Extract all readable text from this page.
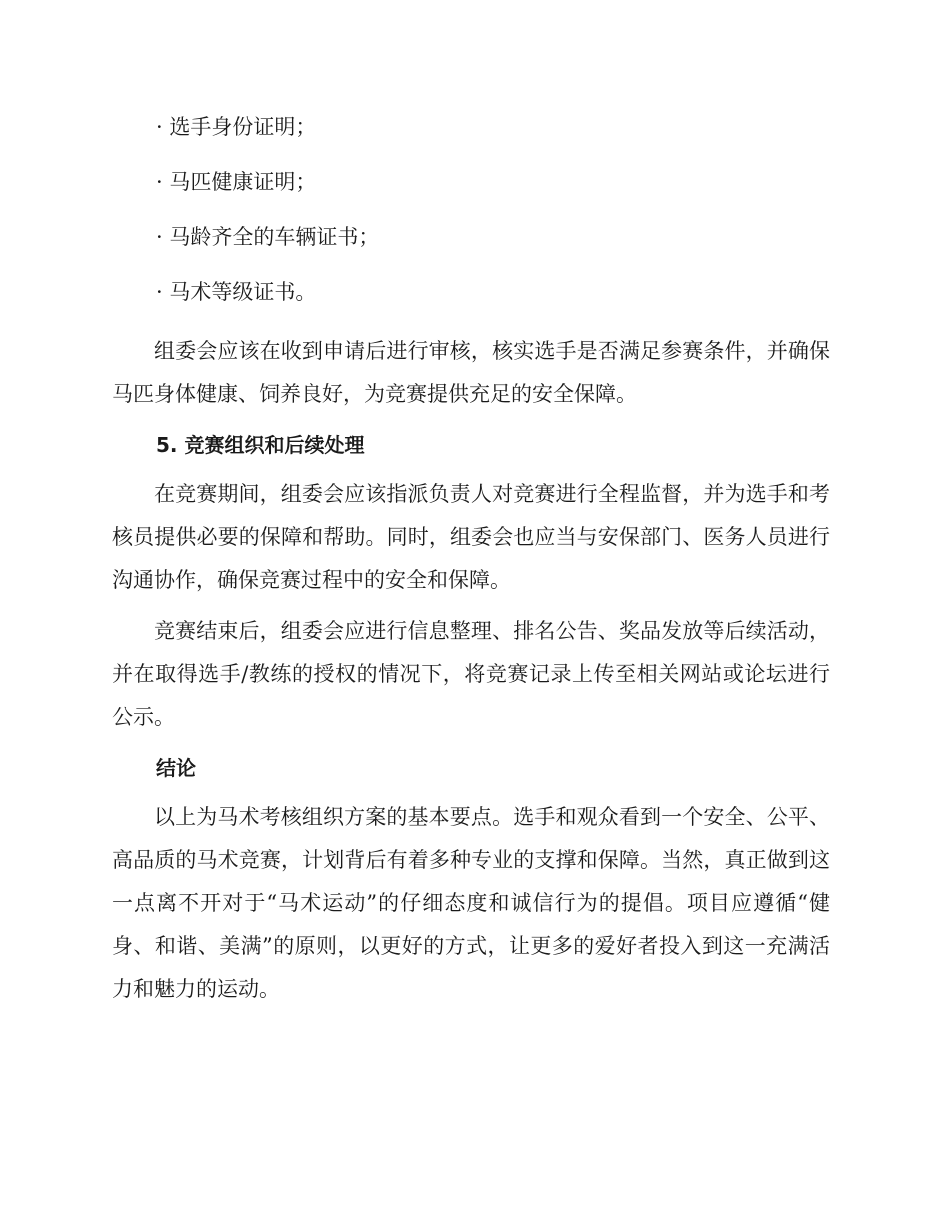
· 选手身份证明；
· 马匹健康证明；
· 马龄齐全的车辆证书；
· 马术等级证书。

组委会应该在收到申请后进行审核，核实选手是否满足参赛条件，并确保马匹身体健康、饲养良好，为竞赛提供充足的安全保障。

5. 竞赛组织和后续处理

在竞赛期间，组委会应该指派负责人对竞赛进行全程监督，并为选手和考核员提供必要的保障和帮助。同时，组委会也应当与安保部门、医务人员进行沟通协作，确保竞赛过程中的安全和保障。

竞赛结束后，组委会应进行信息整理、排名公告、奖品发放等后续活动，并在取得选手/教练的授权的情况下，将竞赛记录上传至相关网站或论坛进行公示。

结论

以上为马术考核组织方案的基本要点。选手和观众看到一个安全、公平、高品质的马术竞赛，计划背后有着多种专业的支撑和保障。当然，真正做到这一点离不开对于“马术运动”的仔细态度和诚信行为的提倡。项目应遵循“健身、和谐、美满”的原则，以更好的方式，让更多的爱好者投入到这一充满活力和魅力的运动。
